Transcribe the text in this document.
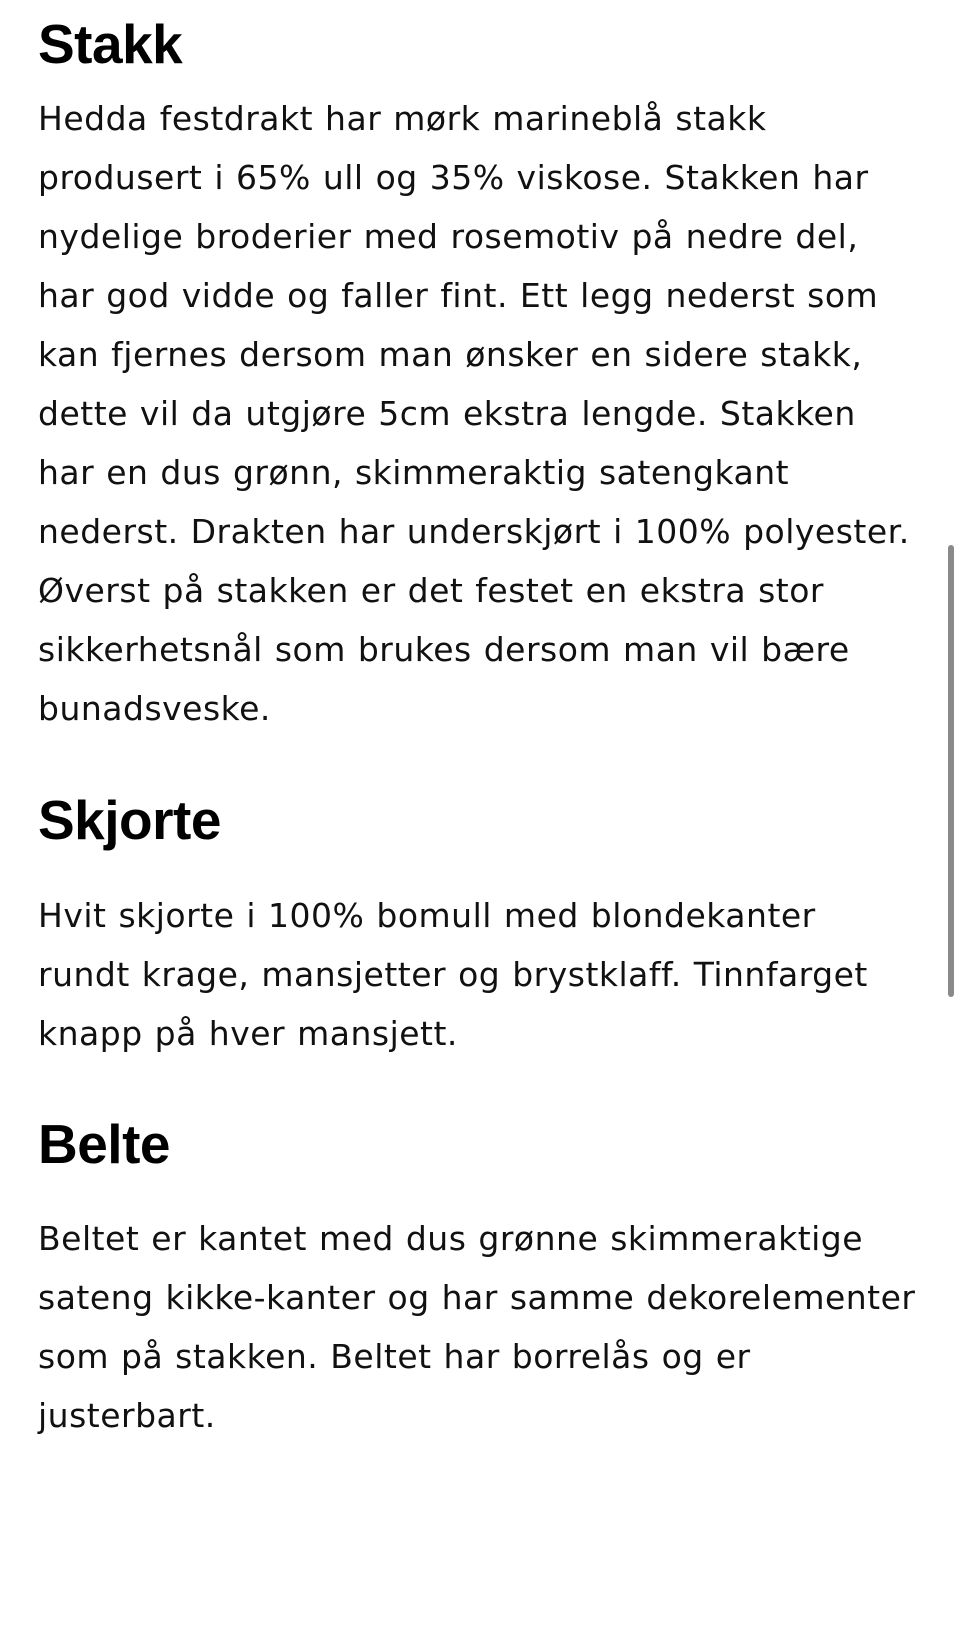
Stakk

Hedda festdrakt har mørk marineblå stakk produsert i 65% ull og 35% viskose. Stakken har nydelige broderier med rosemotiv på nedre del, har god vidde og faller fint. Ett legg nederst som kan fjernes dersom man ønsker en sidere stakk, dette vil da utgjøre 5cm ekstra lengde. Stakken har en dus grønn, skimmeraktig satengkant nederst. Drakten har underskjørt i 100% polyester. Øverst på stakken er det festet en ekstra stor sikkerhetsnål som brukes dersom man vil bære bunadsveske.

Skjorte

Hvit skjorte i 100% bomull med blondekanter rundt krage, mansjetter og brystklaff. Tinnfarget knapp på hver mansjett.

Belte

Beltet er kantet med dus grønne skimmeraktige sateng kikke-kanter og har samme dekorelementer som på stakken. Beltet har borrelås og er justerbart.
